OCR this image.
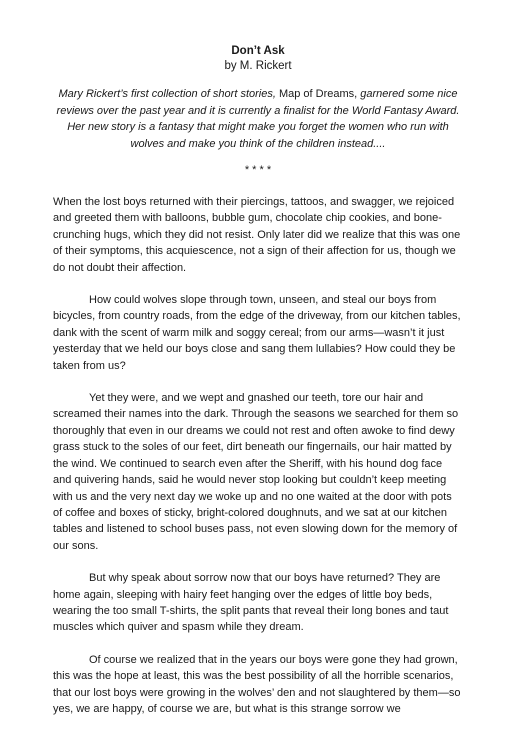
Don’t Ask

by M. Rickert

Mary Rickert’s first collection of short stories, Map of Dreams, garnered some nice reviews over the past year and it is currently a finalist for the World Fantasy Award. Her new story is a fantasy that might make you forget the women who run with wolves and make you think of the children instead....

* * * *

When the lost boys returned with their piercings, tattoos, and swagger, we rejoiced and greeted them with balloons, bubble gum, chocolate chip cookies, and bone-crunching hugs, which they did not resist. Only later did we realize that this was one of their symptoms, this acquiescence, not a sign of their affection for us, though we do not doubt their affection.

How could wolves slope through town, unseen, and steal our boys from bicycles, from country roads, from the edge of the driveway, from our kitchen tables, dank with the scent of warm milk and soggy cereal; from our arms—wasn’t it just yesterday that we held our boys close and sang them lullabies? How could they be taken from us?

Yet they were, and we wept and gnashed our teeth, tore our hair and screamed their names into the dark. Through the seasons we searched for them so thoroughly that even in our dreams we could not rest and often awoke to find dewy grass stuck to the soles of our feet, dirt beneath our fingernails, our hair matted by the wind. We continued to search even after the Sheriff, with his hound dog face and quivering hands, said he would never stop looking but couldn’t keep meeting with us and the very next day we woke up and no one waited at the door with pots of coffee and boxes of sticky, bright-colored doughnuts, and we sat at our kitchen tables and listened to school buses pass, not even slowing down for the memory of our sons.

But why speak about sorrow now that our boys have returned? They are home again, sleeping with hairy feet hanging over the edges of little boy beds, wearing the too small T-shirts, the split pants that reveal their long bones and taut muscles which quiver and spasm while they dream.

Of course we realized that in the years our boys were gone they had grown, this was the hope at least, this was the best possibility of all the horrible scenarios, that our lost boys were growing in the wolves’ den and not slaughtered by them—so yes, we are happy, of course we are, but what is this strange sorrow we
